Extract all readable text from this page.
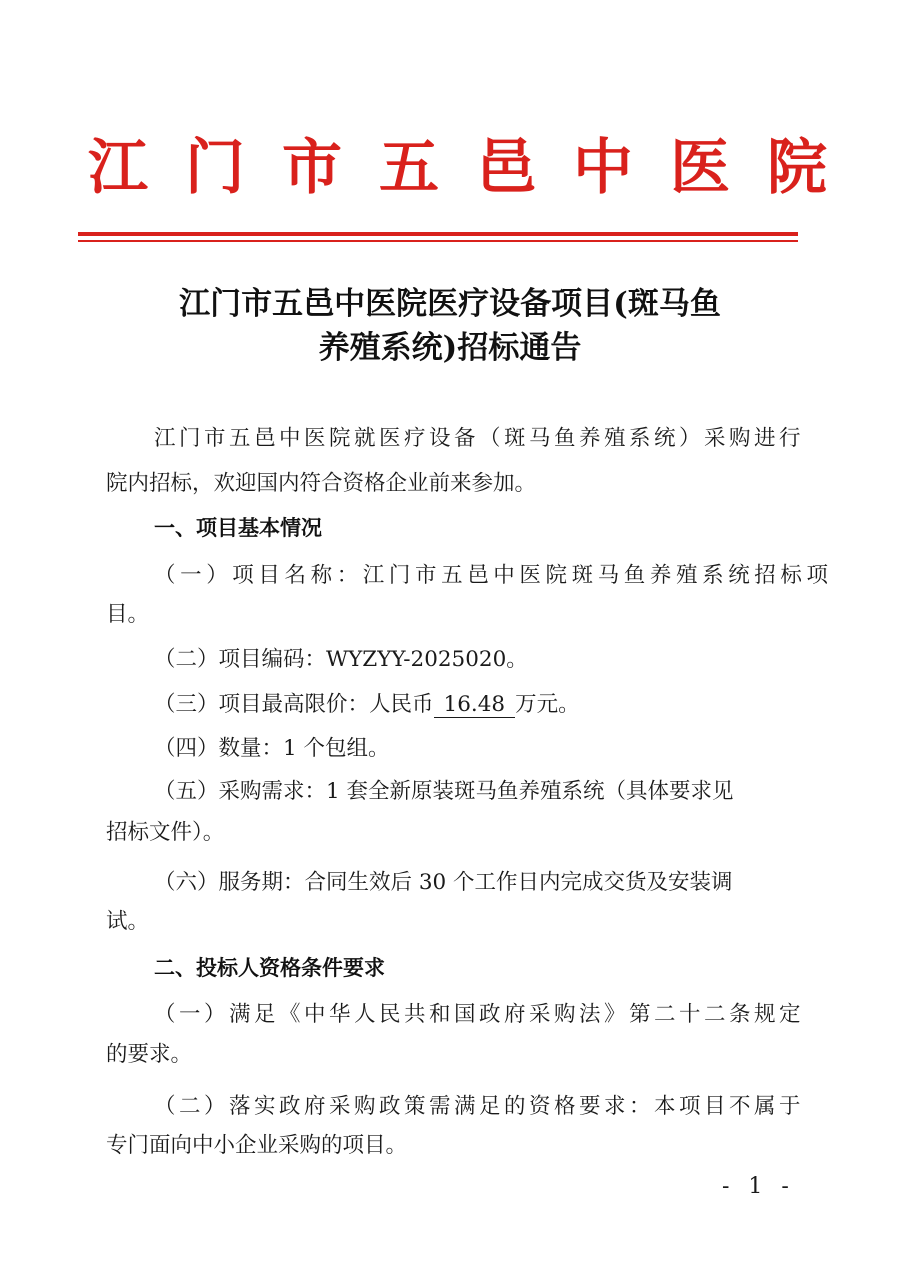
江门市五邑中医院
江门市五邑中医院医疗设备项目(斑马鱼
养殖系统)招标通告
江门市五邑中医院就医疗设备（斑马鱼养殖系统）采购进行
院内招标，欢迎国内符合资格企业前来参加。
一、项目基本情况
（一）项目名称：江门市五邑中医院斑马鱼养殖系统招标项
目。
（二）项目编码：WYZYY-2025020。
（三）项目最高限价：人民币 16.48 万元。
（四）数量：1 个包组。
（五）采购需求：1 套全新原装斑马鱼养殖系统（具体要求见
招标文件）。
（六）服务期：合同生效后 30 个工作日内完成交货及安装调
试。
二、投标人资格条件要求
（一）满足《中华人民共和国政府采购法》第二十二条规定
的要求。
（二）落实政府采购政策需满足的资格要求：本项目不属于
专门面向中小企业采购的项目。
- 1 -
